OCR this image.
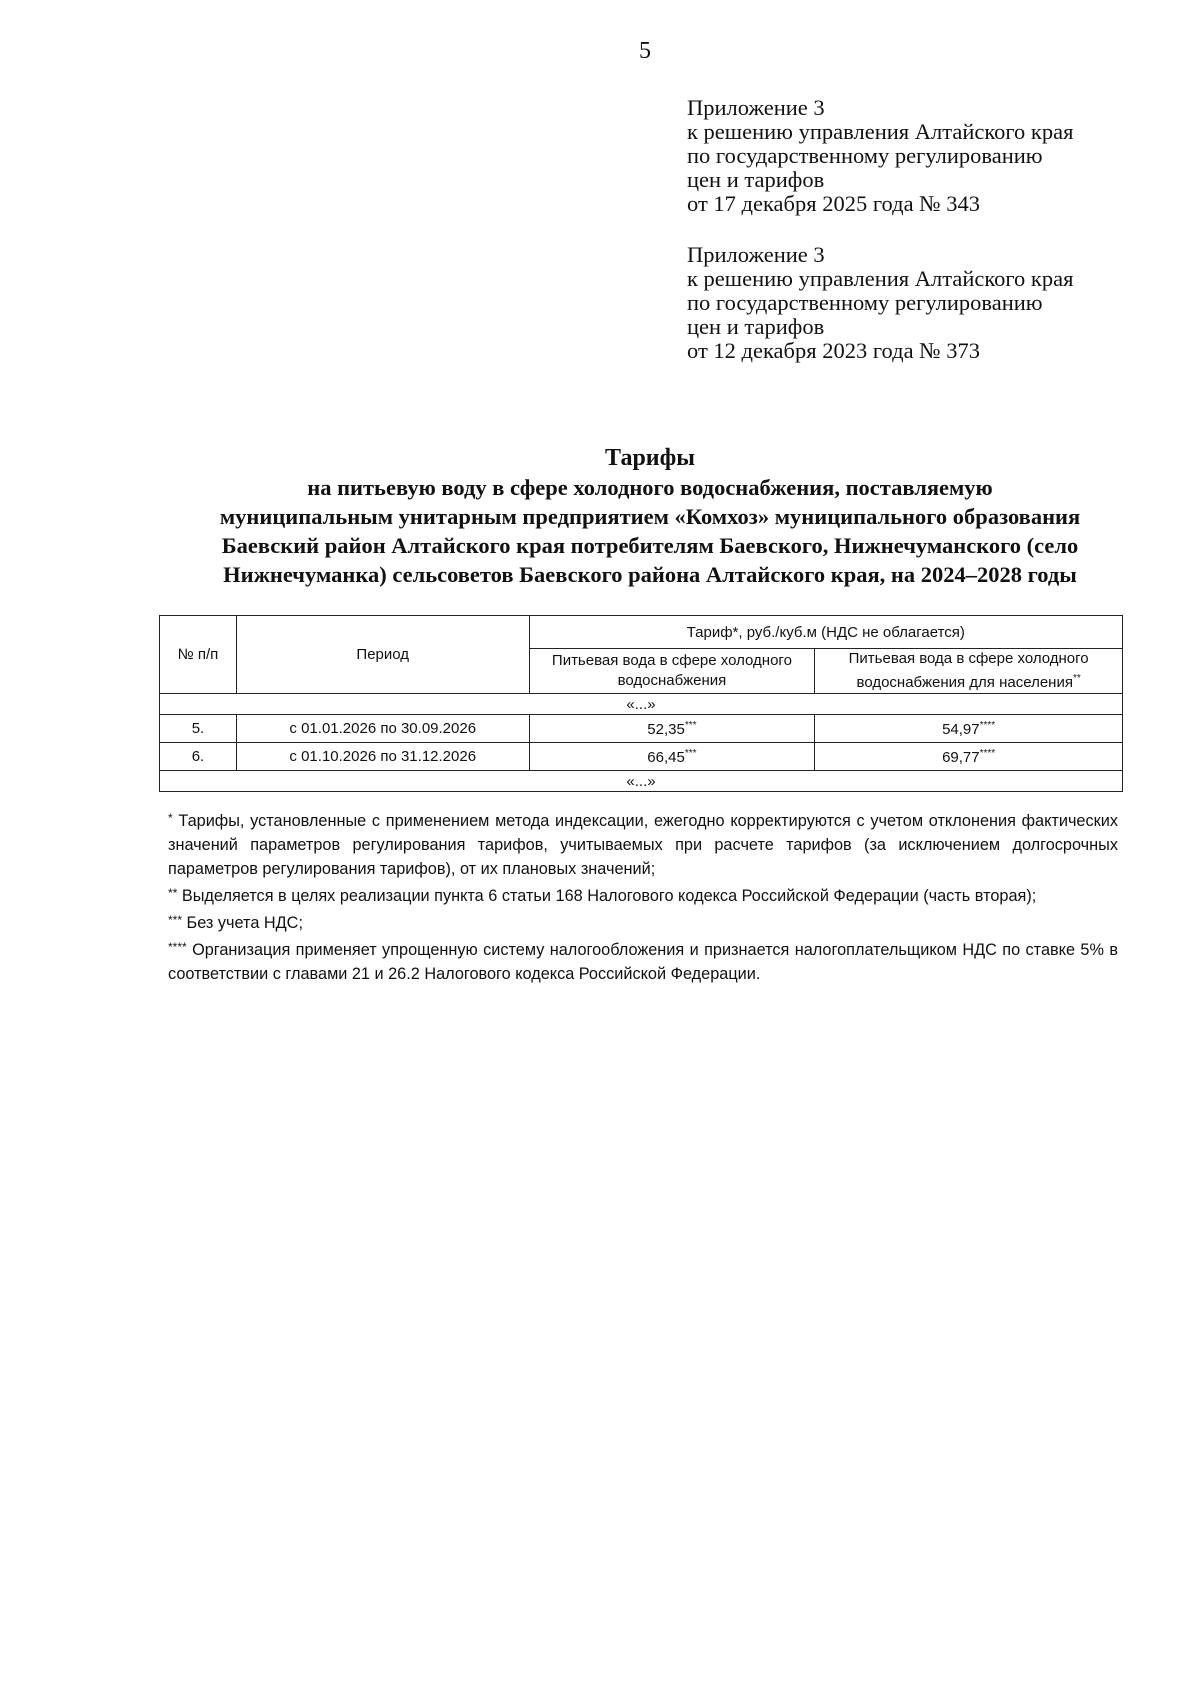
5
Приложение 3
к решению управления Алтайского края
по государственному регулированию
цен и тарифов
от 17 декабря 2025 года № 343
Приложение 3
к решению управления Алтайского края
по государственному регулированию
цен и тарифов
от 12 декабря 2023 года № 373
Тарифы
на питьевую воду в сфере холодного водоснабжения, поставляемую
муниципальным унитарным предприятием «Комхоз» муниципального образования
Баевский район Алтайского края потребителям Баевского, Нижнечуманского (село
Нижнечуманка) сельсоветов Баевского района Алтайского края, на 2024–2028 годы
№ п/п	Период	Тариф*, руб./куб.м (НДС не облагается)	
		Питьевая вода в сфере холодного водоснабжения	Питьевая вода в сфере холодного водоснабжения для населения**
«...»			
5.	с 01.01.2026 по 30.09.2026	52,35***	54,97****
6.	с 01.10.2026 по 31.12.2026	66,45***	69,77****
«...»			

* Тарифы, установленные с применением метода индексации, ежегодно корректируются с учетом отклонения фактических значений параметров регулирования тарифов, учитываемых при расчете тарифов (за исключением долгосрочных параметров регулирования тарифов), от их плановых значений;

** Выделяется в целях реализации пункта 6 статьи 168 Налогового кодекса Российской Федерации (часть вторая);

*** Без учета НДС;

**** Организация применяет упрощенную систему налогообложения и признается налогоплательщиком НДС по ставке 5% в соответствии с главами 21 и 26.2 Налогового кодекса Российской Федерации.
